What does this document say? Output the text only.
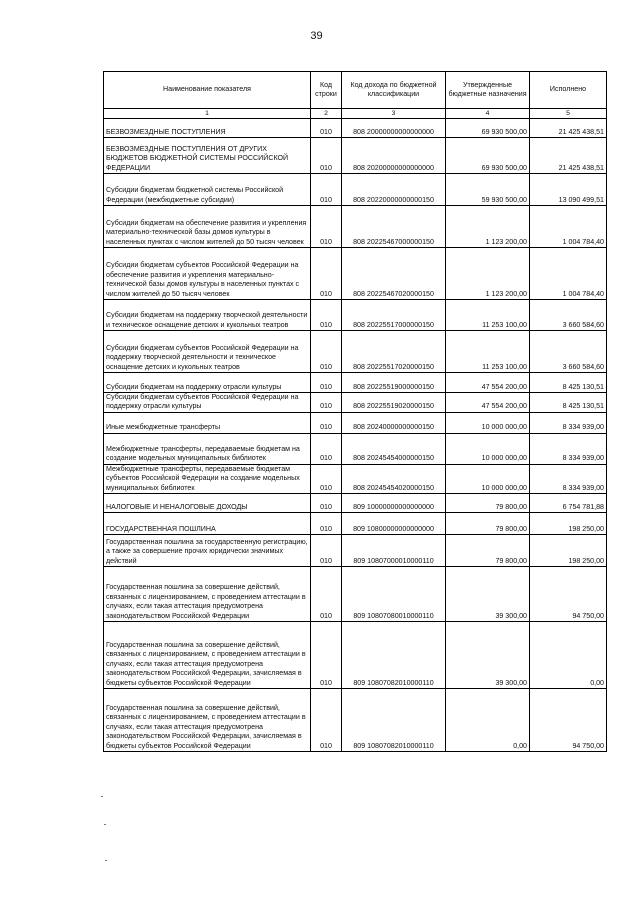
39
Наименование показателя	Код строки	Код дохода по бюджетной классификации	Утвержденные бюджетные назначения	Исполнено
1	2	3	4	5
БЕЗВОЗМЕЗДНЫЕ ПОСТУПЛЕНИЯ	010	808 20000000000000000	69 930 500,00	21 425 438,51
БЕЗВОЗМЕЗДНЫЕ ПОСТУПЛЕНИЯ ОТ ДРУГИХ БЮДЖЕТОВ БЮДЖЕТНОЙ СИСТЕМЫ РОССИЙСКОЙ ФЕДЕРАЦИИ	010	808 20200000000000000	69 930 500,00	21 425 438,51
Субсидии бюджетам бюджетной системы Российской Федерации (межбюджетные субсидии)	010	808 20220000000000150	59 930 500,00	13 090 499,51
Субсидии бюджетам на обеспечение развития и укрепления материально-технической базы домов культуры в населенных пунктах с числом жителей до 50 тысяч человек	010	808 20225467000000150	1 123 200,00	1 004 784,40
Субсидии бюджетам субъектов Российской Федерации на обеспечение развития и укрепления материально-технической базы домов культуры в населенных пунктах с числом жителей до 50 тысяч человек	010	808 20225467020000150	1 123 200,00	1 004 784,40
Субсидии бюджетам на поддержку творческой деятельности и техническое оснащение детских и кукольных театров	010	808 20225517000000150	11 253 100,00	3 660 584,60
Субсидии бюджетам субъектов Российской Федерации на поддержку творческой деятельности и техническое оснащение детских и кукольных театров	010	808 20225517020000150	11 253 100,00	3 660 584,60
Субсидии бюджетам на поддержку отрасли культуры	010	808 20225519000000150	47 554 200,00	8 425 130,51
Субсидии бюджетам субъектов Российской Федерации на поддержку отрасли культуры	010	808 20225519020000150	47 554 200,00	8 425 130,51
Иные межбюджетные трансферты	010	808 20240000000000150	10 000 000,00	8 334 939,00
Межбюджетные трансферты, передаваемые бюджетам на создание модельных муниципальных библиотек	010	808 20245454000000150	10 000 000,00	8 334 939,00
Межбюджетные трансферты, передаваемые бюджетам субъектов Российской Федерации на создание модельных муниципальных библиотек	010	808 20245454020000150	10 000 000,00	8 334 939,00
НАЛОГОВЫЕ И НЕНАЛОГОВЫЕ ДОХОДЫ	010	809 10000000000000000	79 800,00	6 754 781,88
ГОСУДАРСТВЕННАЯ ПОШЛИНА	010	809 10800000000000000	79 800,00	198 250,00
Государственная пошлина за государственную регистрацию, а также за совершение прочих юридически значимых действий	010	809 10807000010000110	79 800,00	198 250,00
Государственная пошлина за совершение действий, связанных с лицензированием, с проведением аттестации в случаях, если такая аттестация предусмотрена законодательством Российской Федерации	010	809 10807080010000110	39 300,00	94 750,00
Государственная пошлина за совершение действий, связанных с лицензированием, с проведением аттестации в случаях, если такая аттестация предусмотрена законодательством Российской Федерации, зачисляемая в бюджеты субъектов Российской Федерации	010	809 10807082010000110	39 300,00	0,00
Государственная пошлина за совершение действий, связанных с лицензированием, с проведением аттестации в случаях, если такая аттестация предусмотрена законодательством Российской Федерации, зачисляемая в бюджеты субъектов Российской Федерации	010	809 10807082010000110	0,00	94 750,00
